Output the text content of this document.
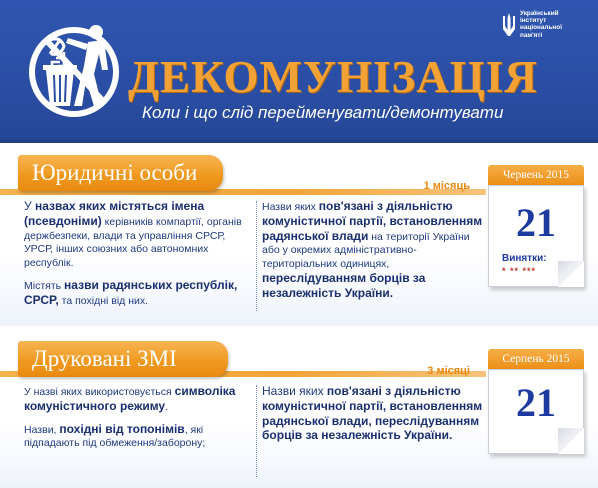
ДЕКОМУНІЗАЦІЯ
Коли і що слід перейменувати/демонтувати
Український
інститут
національної
пам'яті
Юридичні особи
1 місяць

У назвах яких містяться імена (псевдоніми) керівників компартії, органів держбезпеки, влади та управління СРСР, УРСР, інших союзних або автономних республік.

Містять назви радянських республік, СРСР, та похідні від них.

Назви яких пов'язані з діяльністю комуністичної партії, встановленням радянської влади на території України або у окремих адміністративно-територіальних одиницях, переслідуванням борців за незалежність України.

Червень 2015
21
Винятки:
* ** ***
Друковані ЗМІ	3 місяці

У назві яких використовується символіка комуністичного режиму.

Назви, похідні від топонімів, які підпадають під обмеження/заборону;

Назви яких пов'язані з діяльністю комуністичної партії, встановленням радянської влади, переслідуванням борців за незалежність України.

Серпень 2015
21
